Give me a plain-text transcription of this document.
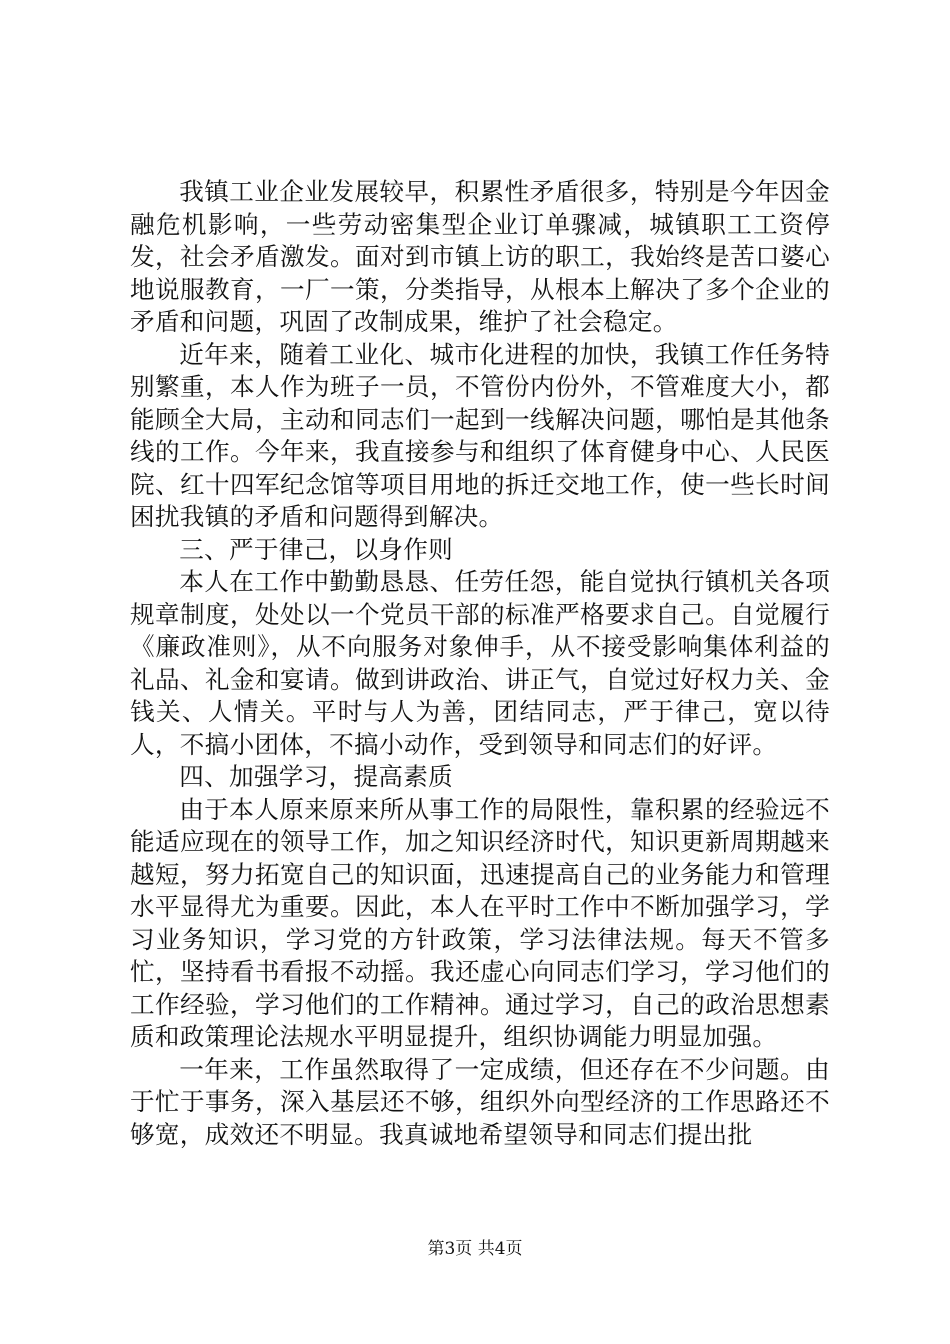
我镇工业企业发展较早，积累性矛盾很多，特别是今年因金融危机影响，一些劳动密集型企业订单骤减，城镇职工工资停发，社会矛盾激发。面对到市镇上访的职工，我始终是苦口婆心地说服教育，一厂一策，分类指导，从根本上解决了多个企业的矛盾和问题，巩固了改制成果，维护了社会稳定。

近年来，随着工业化、城市化进程的加快，我镇工作任务特别繁重，本人作为班子一员，不管份内份外，不管难度大小，都能顾全大局，主动和同志们一起到一线解决问题，哪怕是其他条线的工作。今年来，我直接参与和组织了体育健身中心、人民医院、红十四军纪念馆等项目用地的拆迁交地工作，使一些长时间困扰我镇的矛盾和问题得到解决。

三、严于律己，以身作则

本人在工作中勤勤恳恳、任劳任怨，能自觉执行镇机关各项规章制度，处处以一个党员干部的标准严格要求自己。自觉履行《廉政准则》，从不向服务对象伸手，从不接受影响集体利益的礼品、礼金和宴请。做到讲政治、讲正气，自觉过好权力关、金钱关、人情关。平时与人为善，团结同志，严于律己，宽以待人，不搞小团体，不搞小动作，受到领导和同志们的好评。

四、加强学习，提高素质

由于本人原来原来所从事工作的局限性，靠积累的经验远不能适应现在的领导工作，加之知识经济时代，知识更新周期越来越短，努力拓宽自己的知识面，迅速提高自己的业务能力和管理水平显得尤为重要。因此，本人在平时工作中不断加强学习，学习业务知识，学习党的方针政策，学习法律法规。每天不管多忙，坚持看书看报不动摇。我还虚心向同志们学习，学习他们的工作经验，学习他们的工作精神。通过学习，自己的政治思想素质和政策理论法规水平明显提升，组织协调能力明显加强。

一年来，工作虽然取得了一定成绩，但还存在不少问题。由于忙于事务，深入基层还不够，组织外向型经济的工作思路还不够宽，成效还不明显。我真诚地希望领导和同志们提出批

第3页 共4页
